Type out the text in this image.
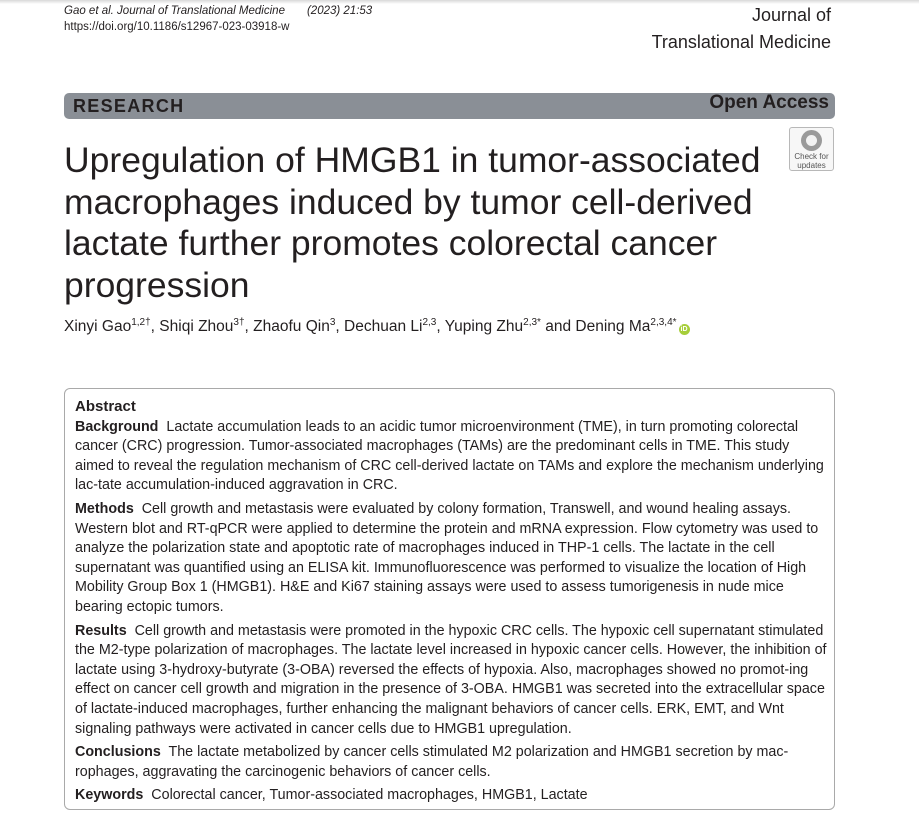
Gao et al. Journal of Translational Medicine (2023) 21:53
https://doi.org/10.1186/s12967-023-03918-w
Journal of
Translational Medicine
RESEARCH	Open Access
Upregulation of HMGB1 in tumor-associated macrophages induced by tumor cell-derived lactate further promotes colorectal cancer progression
Check for
updates
Xinyi Gao$^{1,2\dagger}$, Shiqi Zhou$^{3\dagger}$, Zhaofu Qin$^3$, Dechuan Li$^{2,3}$, Yuping Zhu$^{2,3*}$ and Dening $Ma^{2,3,4*}iD$
Abstract

Background Lactate accumulation leads to an acidic tumor microenvironment (TME), in turn promoting colorectal cancer (CRC) progression. Tumor-associated macrophages (TAMs) are the predominant cells in TME. This study aimed to reveal the regulation mechanism of CRC cell-derived lactate on TAMs and explore the mechanism underlying lac-tate accumulation-induced aggravation in CRC.

Methods Cell growth and metastasis were evaluated by colony formation, Transwell, and wound healing assays. Western blot and RT-qPCR were applied to determine the protein and mRNA expression. Flow cytometry was used to analyze the polarization state and apoptotic rate of macrophages induced in THP-1 cells. The lactate in the cell supernatant was quantified using an ELISA kit. Immunofluorescence was performed to visualize the location of High Mobility Group Box 1 (HMGB1). H&E and Ki67 staining assays were used to assess tumorigenesis in nude mice bearing ectopic tumors.

Results Cell growth and metastasis were promoted in the hypoxic CRC cells. The hypoxic cell supernatant stimulated the M2-type polarization of macrophages. The lactate level increased in hypoxic cancer cells. However, the inhibition of lactate using 3-hydroxy-butyrate (3-OBA) reversed the effects of hypoxia. Also, macrophages showed no promot-ing effect on cancer cell growth and migration in the presence of 3-OBA. HMGB1 was secreted into the extracellular space of lactate-induced macrophages, further enhancing the malignant behaviors of cancer cells. ERK, EMT, and Wnt signaling pathways were activated in cancer cells due to HMGB1 upregulation.

Conclusions The lactate metabolized by cancer cells stimulated M2 polarization and HMGB1 secretion by mac-rophages, aggravating the carcinogenic behaviors of cancer cells.

Keywords Colorectal cancer, Tumor-associated macrophages, HMGB1, Lactate
